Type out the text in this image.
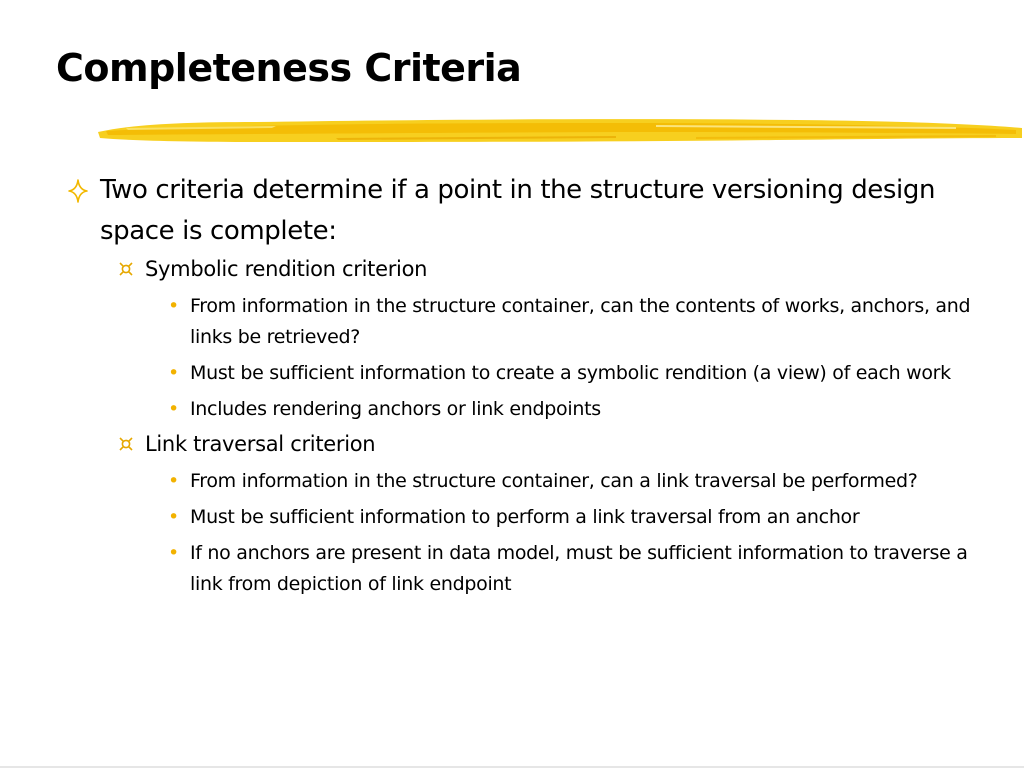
Completeness Criteria
Two criteria determine if a point in the structure versioning design space is complete:
Symbolic rendition criterion
• From information in the structure container, can the contents of works, anchors, and links be retrieved?
• Must be sufficient information to create a symbolic rendition (a view) of each work
• Includes rendering anchors or link endpoints
Link traversal criterion
• From information in the structure container, can a link traversal be performed?
• Must be sufficient information to perform a link traversal from an anchor
• If no anchors are present in data model, must be sufficient information to traverse a link from depiction of link endpoint
